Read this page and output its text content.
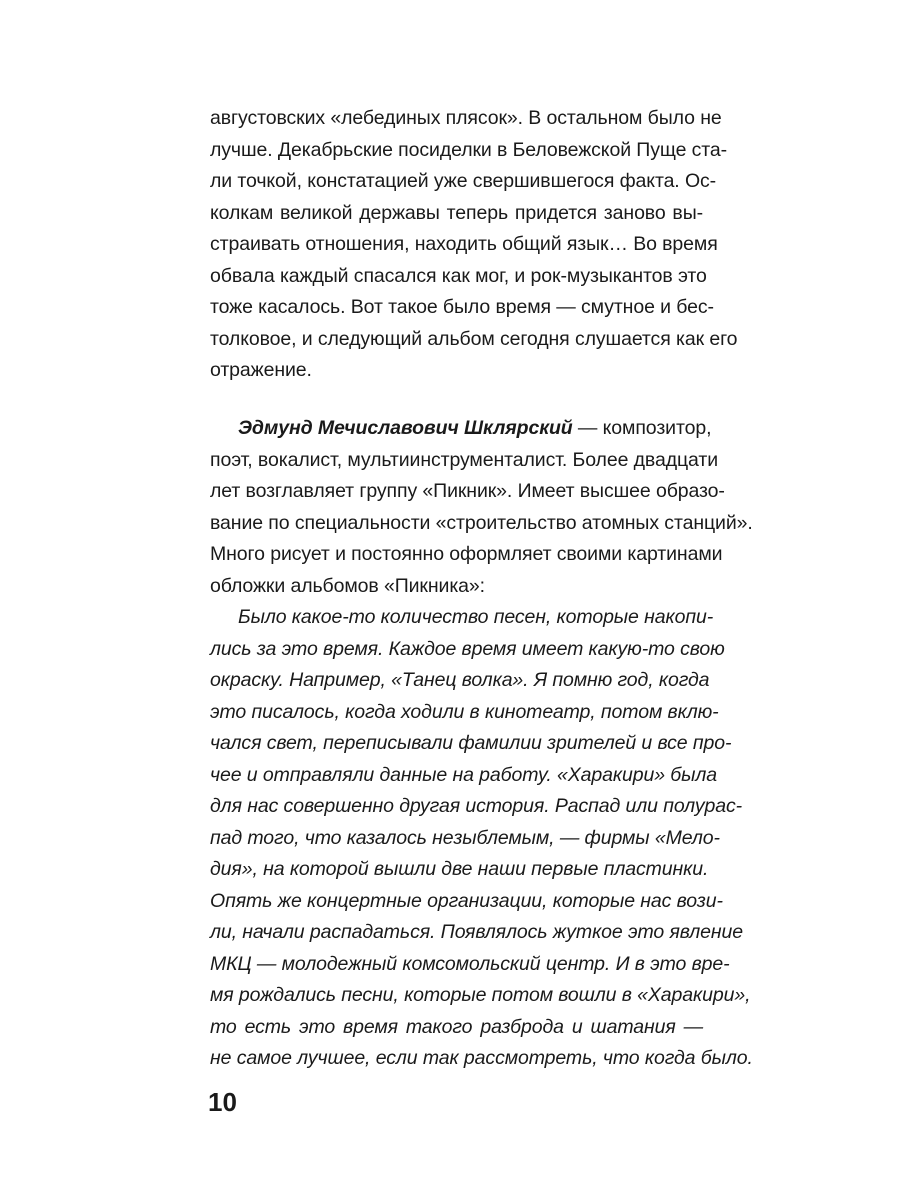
августовских «лебединых плясок». В остальном было не
лучше. Декабрьские посиделки в Беловежской Пуще ста-
ли точкой, констатацией уже свершившегося факта. Ос-
колкам великой державы теперь придется заново вы-
страивать отношения, находить общий язык… Во время
обвала каждый спасался как мог, и рок-музыкантов это
тоже касалось. Вот такое было время — смутное и бес-
толковое, и следующий альбом сегодня слушается как его
отражение.
Эдмунд Мечиславович Шклярский — композитор,
поэт, вокалист, мультиинструменталист. Более двадцати
лет возглавляет группу «Пикник». Имеет высшее образо-
вание по специальности «строительство атомных станций».
Много рисует и постоянно оформляет своими картинами
обложки альбомов «Пикника»:
Было какое-то количество песен, которые накопи-
лись за это время. Каждое время имеет какую-то свою
окраску. Например, «Танец волка». Я помню год, когда
это писалось, когда ходили в кинотеатр, потом вклю-
чался свет, переписывали фамилии зрителей и все про-
чее и отправляли данные на работу. «Харакири» была
для нас совершенно другая история. Распад или полурас-
пад того, что казалось незыблемым, — фирмы «Мело-
дия», на которой вышли две наши первые пластинки.
Опять же концертные организации, которые нас вози-
ли, начали распадаться. Появлялось жуткое это явление
МКЦ — молодежный комсомольский центр. И в это вре-
мя рождались песни, которые потом вошли в «Харакири»,
то есть это время такого разброда и шатания —
не самое лучшее, если так рассмотреть, что когда было.
10
